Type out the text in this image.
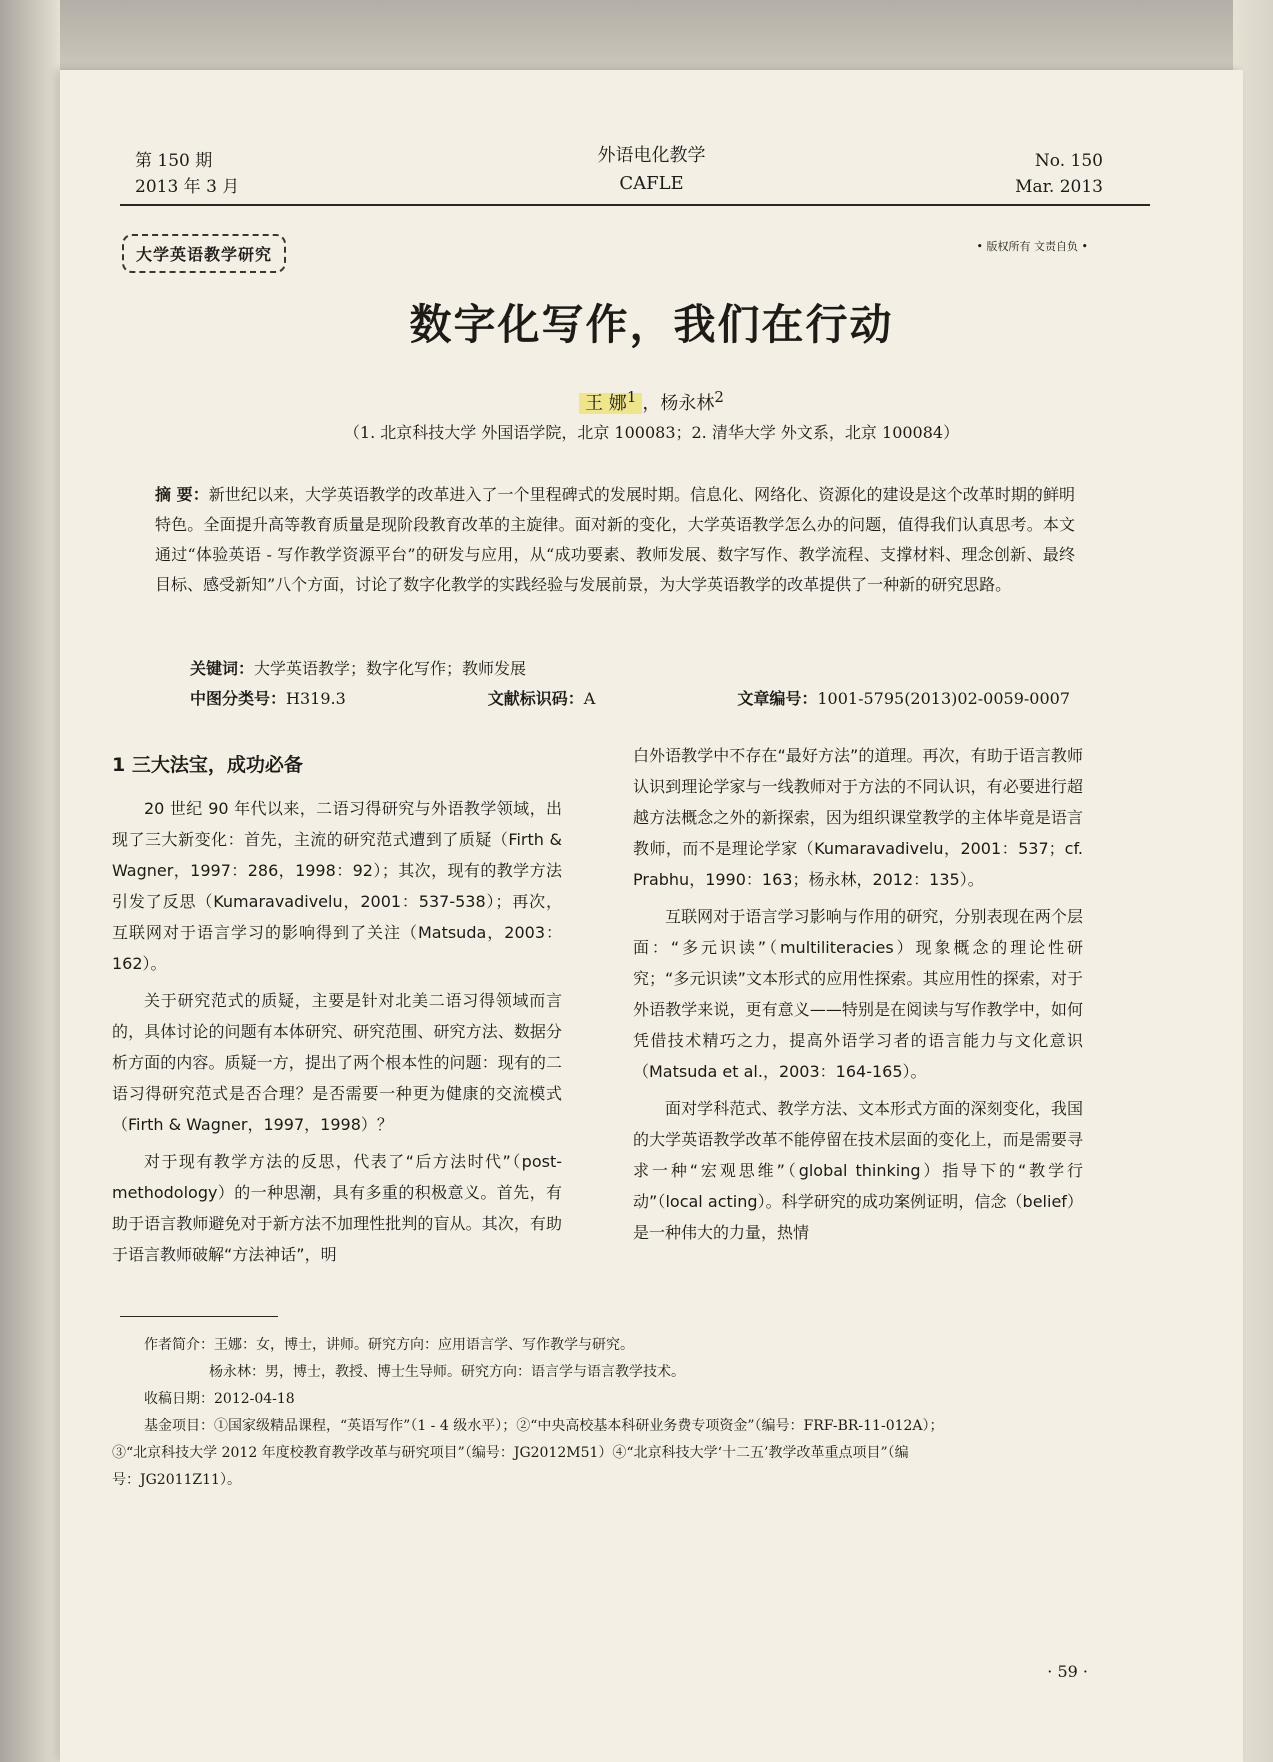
第 150 期
2013 年 3 月
外语电化教学
CAFLE
No. 150
Mar. 2013
大学英语教学研究	• 版权所有 文责自负 •
数字化写作，我们在行动
王 娜$^1$ ，杨永林$^2$
（1. 北京科技大学 外国语学院，北京 100083；2. 清华大学 外文系，北京 100084）
摘 要：新世纪以来，大学英语教学的改革进入了一个里程碑式的发展时期。信息化、网络化、资源化的建设是这个改革时期的鲜明特色。全面提升高等教育质量是现阶段教育改革的主旋律。面对新的变化，大学英语教学怎么办的问题，值得我们认真思考。本文通过“体验英语 - 写作教学资源平台”的研发与应用，从“成功要素、教师发展、数字写作、教学流程、支撑材料、理念创新、最终目标、感受新知”八个方面，讨论了数字化教学的实践经验与发展前景，为大学英语教学的改革提供了一种新的研究思路。
关键词：大学英语教学；数字化写作；教师发展
中图分类号：H319.3	文献标识码：A	文章编号：1001-5795(2013)02-0059-0007

1 三大法宝，成功必备

20 世纪 90 年代以来，二语习得研究与外语教学领域，出现了三大新变化：首先，主流的研究范式遭到了质疑（Firth & Wagner，1997：286，1998：92）；其次，现有的教学方法引发了反思（Kumaravadivelu，2001：537-538）；再次，互联网对于语言学习的影响得到了关注（Matsuda，2003：162）。

关于研究范式的质疑，主要是针对北美二语习得领域而言的，具体讨论的问题有本体研究、研究范围、研究方法、数据分析方面的内容。质疑一方，提出了两个根本性的问题：现有的二语习得研究范式是否合理？是否需要一种更为健康的交流模式（Firth & Wagner，1997，1998）？

对于现有教学方法的反思，代表了“后方法时代”（post-methodology）的一种思潮，具有多重的积极意义。首先，有助于语言教师避免对于新方法不加理性批判的盲从。其次，有助于语言教师破解“方法神话”，明

白外语教学中不存在“最好方法”的道理。再次，有助于语言教师认识到理论学家与一线教师对于方法的不同认识，有必要进行超越方法概念之外的新探索，因为组织课堂教学的主体毕竟是语言教师，而不是理论学家（Kumaravadivelu，2001：537；cf. Prabhu，1990：163；杨永林，2012：135）。

互联网对于语言学习影响与作用的研究，分别表现在两个层面：“多元识读”（multiliteracies）现象概念的理论性研究；“多元识读”文本形式的应用性探索。其应用性的探索，对于外语教学来说，更有意义——特别是在阅读与写作教学中，如何凭借技术精巧之力，提高外语学习者的语言能力与文化意识（Matsuda et al.，2003：164-165）。

面对学科范式、教学方法、文本形式方面的深刻变化，我国的大学英语教学改革不能停留在技术层面的变化上，而是需要寻求一种“宏观思维”（global thinking）指导下的“教学行动”（local acting）。科学研究的成功案例证明，信念（belief）是一种伟大的力量，热情

作者简介：王娜：女，博士，讲师。研究方向：应用语言学、写作教学与研究。
杨永林：男，博士，教授、博士生导师。研究方向：语言学与语言教学技术。
收稿日期：2012-04-18
基金项目：①国家级精品课程，“英语写作”（1 - 4 级水平）；②“中央高校基本科研业务费专项资金”（编号：FRF-BR-11-012A）；
③“北京科技大学 2012 年度校教育教学改革与研究项目”（编号：JG2012M51）④“北京科技大学‘十二五’教学改革重点项目”（编
号：JG2011Z11）。
· 59 ·
